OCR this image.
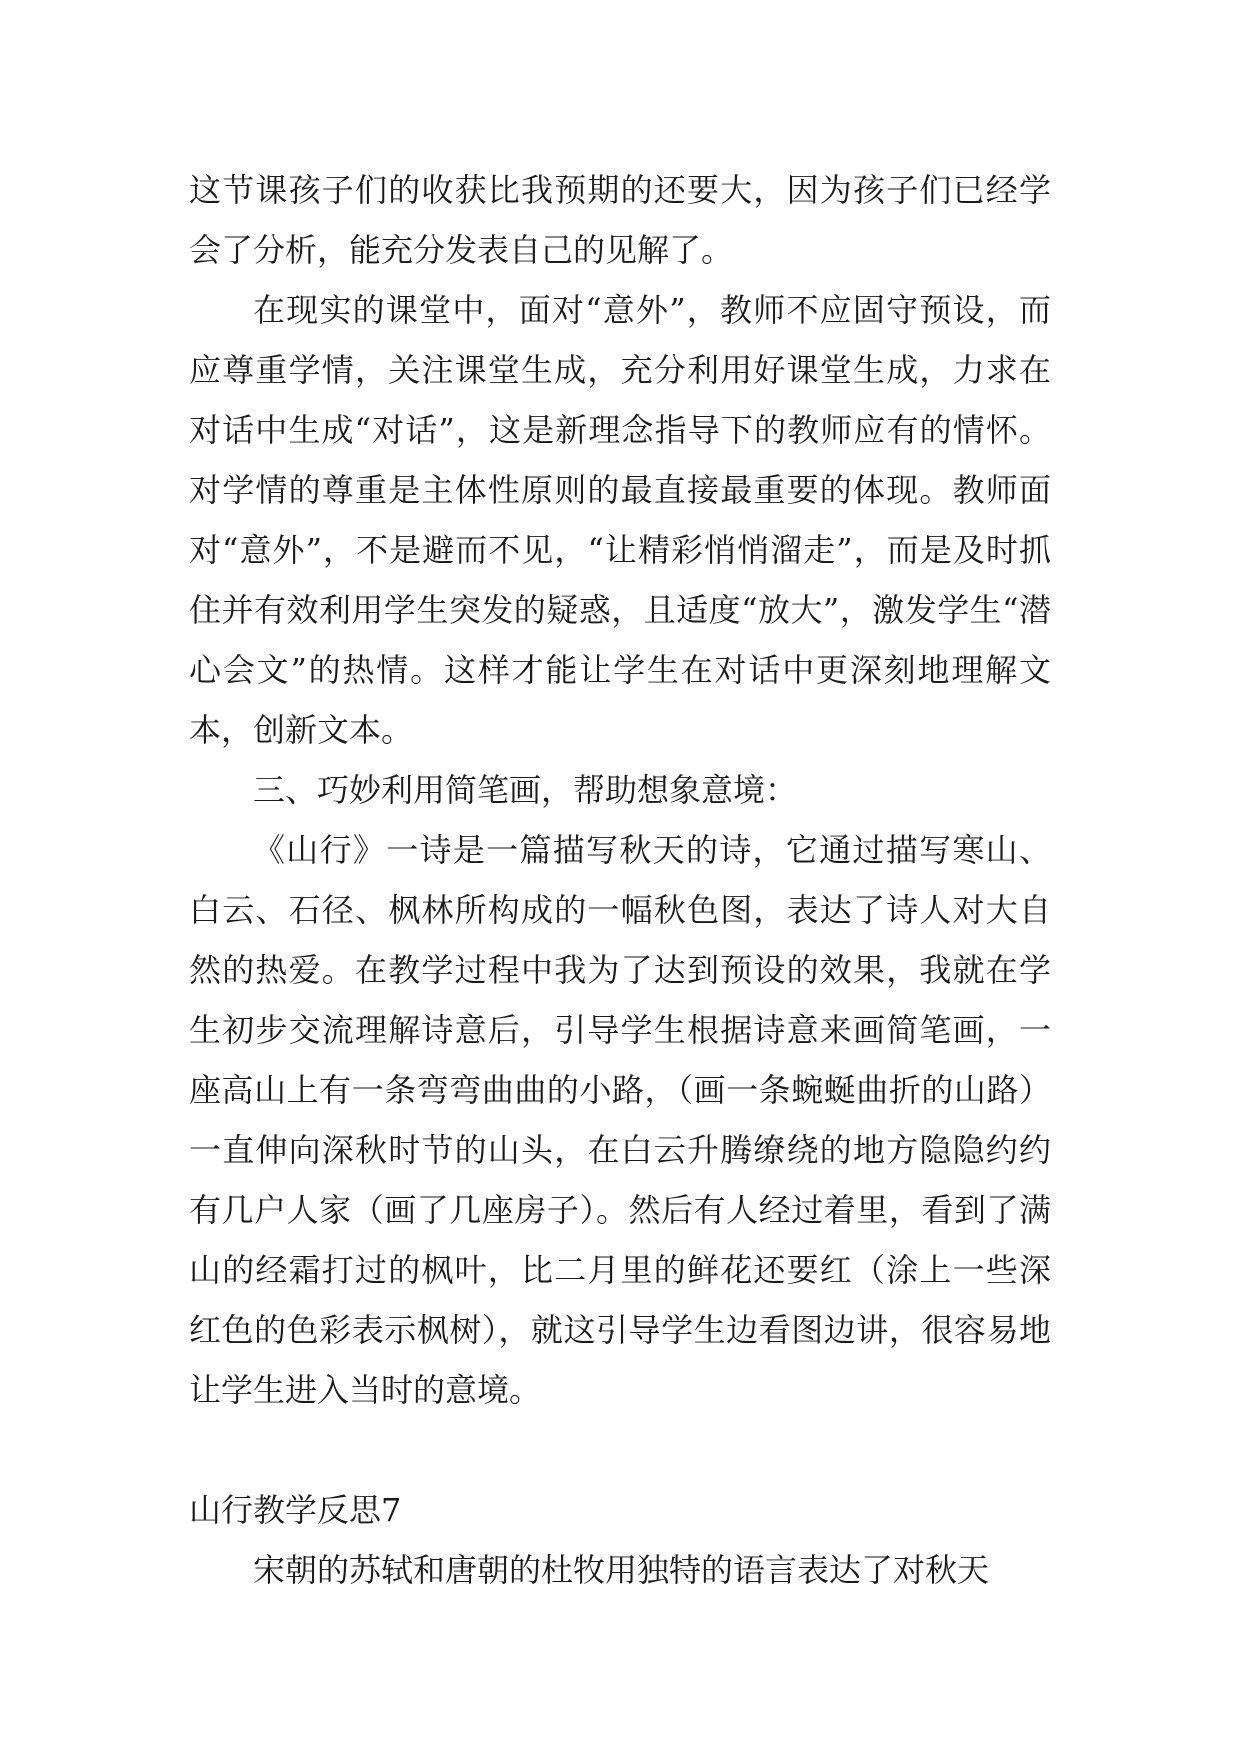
这节课孩子们的收获比我预期的还要大，因为孩子们已经学会了分析，能充分发表自己的见解了。

在现实的课堂中，面对“意外”，教师不应固守预设，而应尊重学情，关注课堂生成，充分利用好课堂生成，力求在对话中生成“对话”，这是新理念指导下的教师应有的情怀。对学情的尊重是主体性原则的最直接最重要的体现。教师面对“意外”，不是避而不见，“让精彩悄悄溜走”，而是及时抓住并有效利用学生突发的疑惑，且适度“放大”，激发学生“潜心会文”的热情。这样才能让学生在对话中更深刻地理解文本，创新文本。

三、巧妙利用简笔画，帮助想象意境：

《山行》一诗是一篇描写秋天的诗，它通过描写寒山、白云、石径、枫林所构成的一幅秋色图，表达了诗人对大自然的热爱。在教学过程中我为了达到预设的效果，我就在学生初步交流理解诗意后，引导学生根据诗意来画简笔画，一座高山上有一条弯弯曲曲的小路，（画一条蜿蜒曲折的山路）一直伸向深秋时节的山头，在白云升腾缭绕的地方隐隐约约有几户人家（画了几座房子）。然后有人经过着里，看到了满山的经霜打过的枫叶，比二月里的鲜花还要红（涂上一些深红色的色彩表示枫树），就这引导学生边看图边讲，很容易地让学生进入当时的意境。

山行教学反思7

宋朝的苏轼和唐朝的杜牧用独特的语言表达了对秋天
